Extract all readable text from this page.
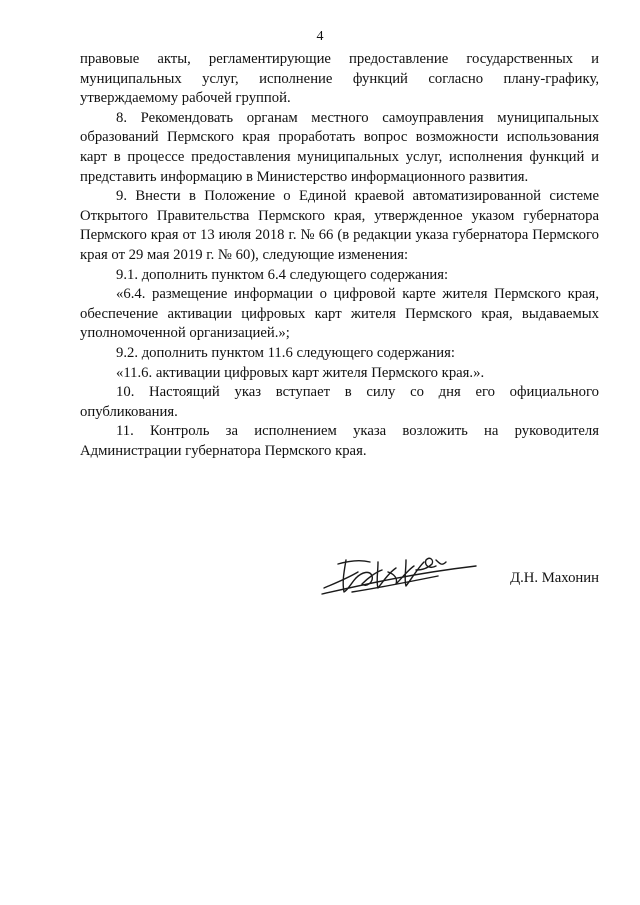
4

правовые акты, регламентирующие предоставление государственных и муниципальных услуг, исполнение функций согласно плану-графику, утверждаемому рабочей группой.

8. Рекомендовать органам местного самоуправления муниципальных образований Пермского края проработать вопрос возможности использования карт в процессе предоставления муниципальных услуг, исполнения функций и представить информацию в Министерство информационного развития.

9. Внести в Положение о Единой краевой автоматизированной системе Открытого Правительства Пермского края, утвержденное указом губернатора Пермского края от 13 июля 2018 г. № 66 (в редакции указа губернатора Пермского края от 29 мая 2019 г. № 60), следующие изменения:

9.1. дополнить пунктом 6.4 следующего содержания:

«6.4. размещение информации о цифровой карте жителя Пермского края, обеспечение активации цифровых карт жителя Пермского края, выдаваемых уполномоченной организацией.»;

9.2. дополнить пунктом 11.6 следующего содержания:

«11.6. активации цифровых карт жителя Пермского края.».

10. Настоящий указ вступает в силу со дня его официального опубликования.

11. Контроль за исполнением указа возложить на руководителя Администрации губернатора Пермского края.

Д.Н. Махонин
